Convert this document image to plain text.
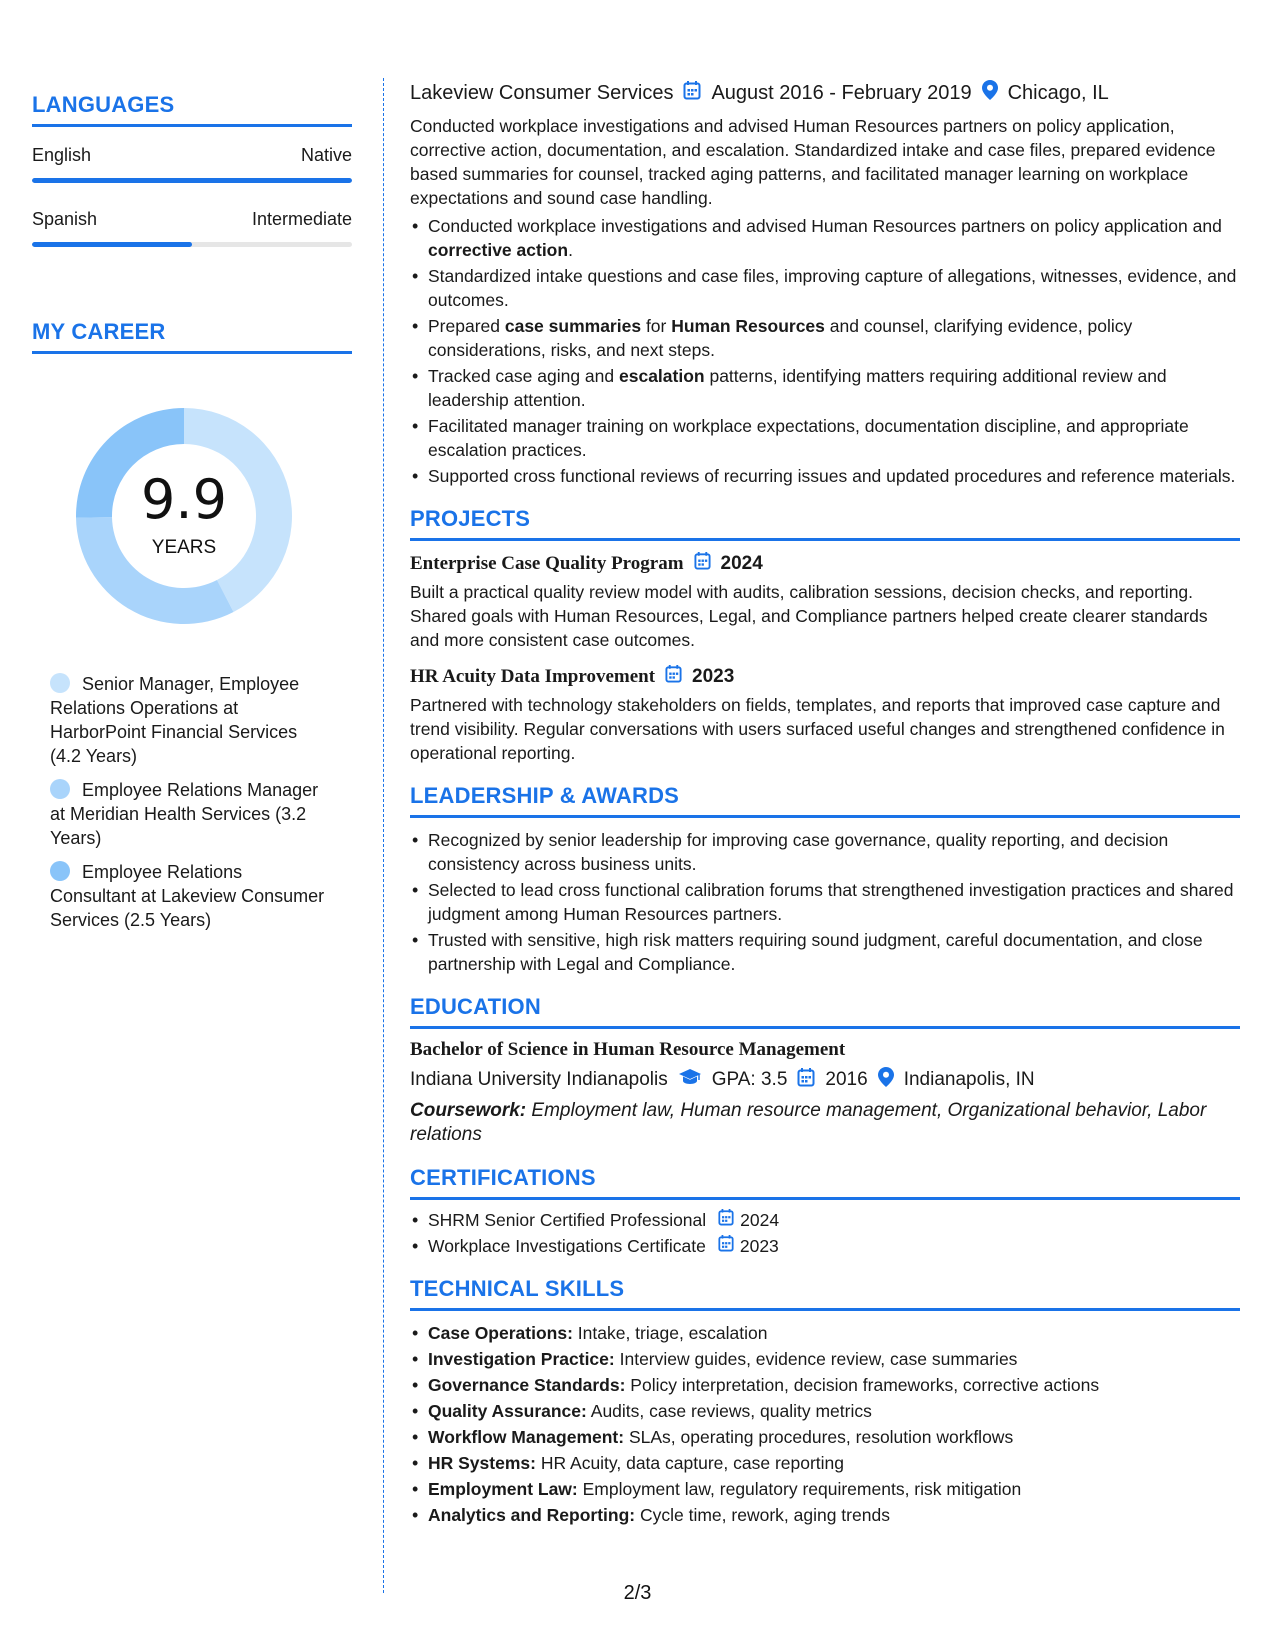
LANGUAGES
English	Native
Spanish	Intermediate
MY CAREER
9.9
YEARS
Senior Manager, Employee Relations Operations at HarborPoint Financial Services (4.2 Years)
Employee Relations Manager at Meridian Health Services (3.2 Years)
Employee Relations Consultant at Lakeview Consumer Services (2.5 Years)
Lakeview Consumer Services August 2016 - February 2019 Chicago, IL

Conducted workplace investigations and advised Human Resources partners on policy application, corrective action, documentation, and escalation. Standardized intake and case files, prepared evidence based summaries for counsel, tracked aging patterns, and facilitated manager learning on workplace expectations and sound case handling.

• Conducted workplace investigations and advised Human Resources partners on policy application and corrective action.
• Standardized intake questions and case files, improving capture of allegations, witnesses, evidence, and outcomes.
• Prepared case summaries for Human Resources and counsel, clarifying evidence, policy considerations, risks, and next steps.
• Tracked case aging and escalation patterns, identifying matters requiring additional review and leadership attention.
• Facilitated manager training on workplace expectations, documentation discipline, and appropriate escalation practices.
• Supported cross functional reviews of recurring issues and updated procedures and reference materials.
PROJECTS
Enterprise Case Quality Program 2024

Built a practical quality review model with audits, calibration sessions, decision checks, and reporting. Shared goals with Human Resources, Legal, and Compliance partners helped create clearer standards and more consistent case outcomes.

HR Acuity Data Improvement 2023

Partnered with technology stakeholders on fields, templates, and reports that improved case capture and trend visibility. Regular conversations with users surfaced useful changes and strengthened confidence in operational reporting.

LEADERSHIP & AWARDS
• Recognized by senior leadership for improving case governance, quality reporting, and decision consistency across business units.
• Selected to lead cross functional calibration forums that strengthened investigation practices and shared judgment among Human Resources partners.
• Trusted with sensitive, high risk matters requiring sound judgment, careful documentation, and close partnership with Legal and Compliance.
EDUCATION
Bachelor of Science in Human Resource Management
Indiana University Indianapolis GPA: 3.5 2016 Indianapolis, IN
Coursework: Employment law, Human resource management, Organizational behavior, Labor relations
CERTIFICATIONS
• SHRM Senior Certified Professional 2024
• Workplace Investigations Certificate 2023
TECHNICAL SKILLS
• Case Operations: Intake, triage, escalation
• Investigation Practice: Interview guides, evidence review, case summaries
• Governance Standards: Policy interpretation, decision frameworks, corrective actions
• Quality Assurance: Audits, case reviews, quality metrics
• Workflow Management: SLAs, operating procedures, resolution workflows
• HR Systems: HR Acuity, data capture, case reporting
• Employment Law: Employment law, regulatory requirements, risk mitigation
• Analytics and Reporting: Cycle time, rework, aging trends
2/3
